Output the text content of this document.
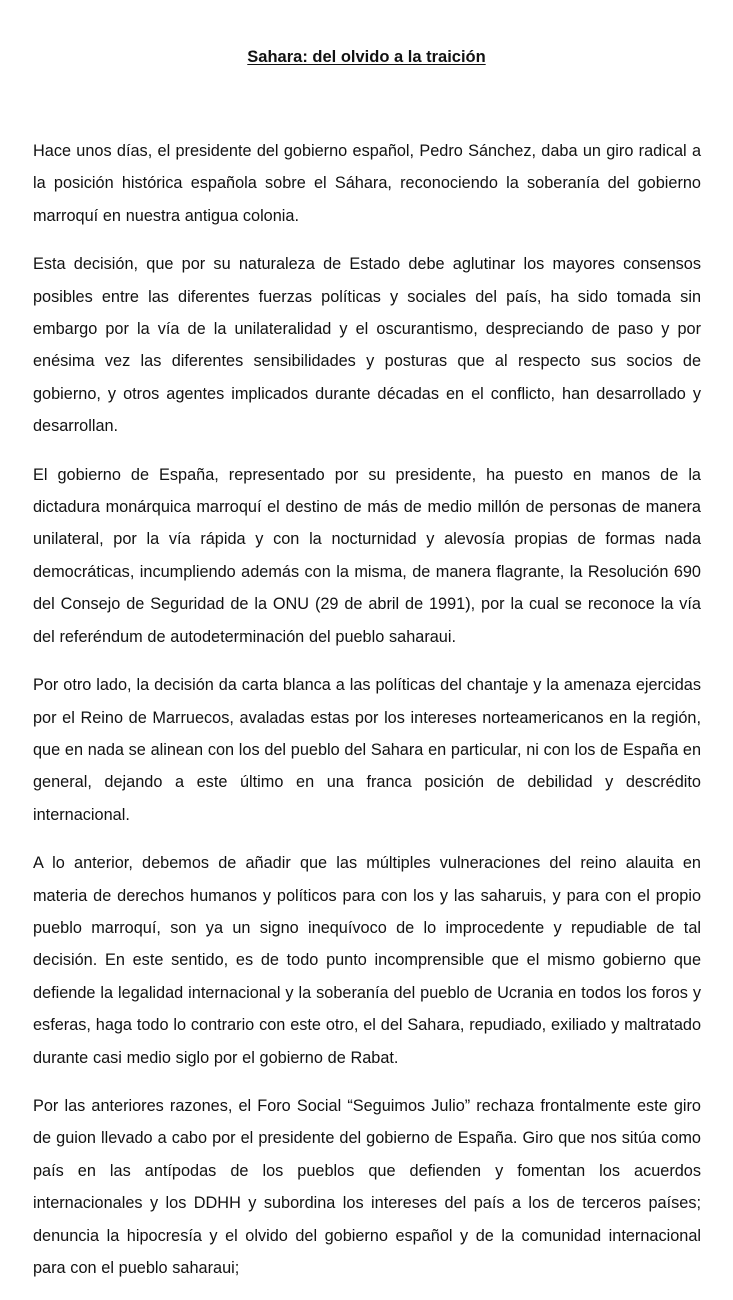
Sahara: del olvido a la traición

Hace unos días, el presidente del gobierno español, Pedro Sánchez, daba un giro radical a la posición histórica española sobre el Sáhara, reconociendo la soberanía del gobierno marroquí en nuestra antigua colonia.

Esta decisión, que por su naturaleza de Estado debe aglutinar los mayores consensos posibles entre las diferentes fuerzas políticas y sociales del país, ha sido tomada sin embargo por la vía de la unilateralidad y el oscurantismo, despreciando de paso y por enésima vez las diferentes sensibilidades y posturas que al respecto sus socios de gobierno, y otros agentes implicados durante décadas en el conflicto, han desarrollado y desarrollan.

El gobierno de España, representado por su presidente, ha puesto en manos de la dictadura monárquica marroquí el destino de más de medio millón de personas de manera unilateral, por la vía rápida y con la nocturnidad y alevosía propias de formas nada democráticas, incumpliendo además con la misma, de manera flagrante, la Resolución 690 del Consejo de Seguridad de la ONU (29 de abril de 1991), por la cual se reconoce la vía del referéndum de autodeterminación del pueblo saharaui.

Por otro lado, la decisión da carta blanca a las políticas del chantaje y la amenaza ejercidas por el Reino de Marruecos, avaladas estas por los intereses norteamericanos en la región, que en nada se alinean con los del pueblo del Sahara en particular, ni con los de España en general, dejando a este último en una franca posición de debilidad y descrédito internacional.

A lo anterior, debemos de añadir que las múltiples vulneraciones del reino alauita en materia de derechos humanos y políticos para con los y las saharuis, y para con el propio pueblo marroquí, son ya un signo inequívoco de lo improcedente y repudiable de tal decisión. En este sentido, es de todo punto incomprensible que el mismo gobierno que defiende la legalidad internacional y la soberanía del pueblo de Ucrania en todos los foros y esferas, haga todo lo contrario con este otro, el del Sahara, repudiado, exiliado y maltratado durante casi medio siglo por el gobierno de Rabat.

Por las anteriores razones, el Foro Social “Seguimos Julio” rechaza frontalmente este giro de guion llevado a cabo por el presidente del gobierno de España. Giro que nos sitúa como país en las antípodas de los pueblos que defienden y fomentan los acuerdos internacionales y los DDHH y subordina los intereses del país a los de terceros países; denuncia la hipocresía y el olvido del gobierno español y de la comunidad internacional para con el pueblo saharaui;
